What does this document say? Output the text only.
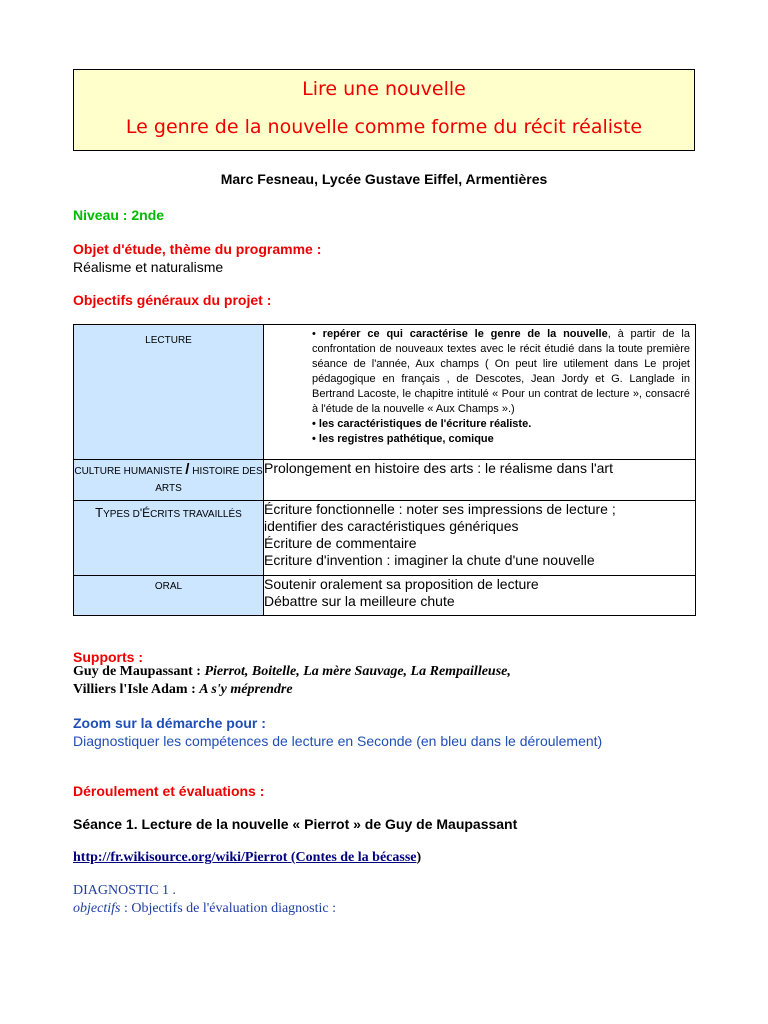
Lire une nouvelle
Le genre de la nouvelle comme forme du récit réaliste
Marc Fesneau, Lycée Gustave Eiffel, Armentières
Niveau : 2nde
Objet d'étude, thème du programme :
Réalisme et naturalisme
Objectifs généraux du projet :
LECTURE	• repérer ce qui caractérise le genre de la nouvelle, à partir de la confrontation de nouveaux textes avec le récit étudié dans la toute première séance de l'année, Aux champs ( On peut lire utilement dans Le projet pédagogique en français , de Descotes, Jean Jordy et G. Langlade in Bertrand Lacoste, le chapitre intitulé « Pour un contrat de lecture », consacré à l'étude de la nouvelle « Aux Champs ».)
• les caractéristiques de l'écriture réaliste.
• les registres pathétique, comique

CULTURE HUMANISTE / HISTOIRE DES ARTS	Prolongement en histoire des arts : le réalisme dans l'art

TYPES D'ÉCRITS TRAVAILLÉS	Écriture fonctionnelle : noter ses impressions de lecture ;
identifier des caractéristiques génériques
Écriture de commentaire
Ecriture d'invention : imaginer la chute d'une nouvelle

ORAL	Soutenir oralement sa proposition de lecture
Débattre sur la meilleure chute
Supports :
Guy de Maupassant : Pierrot, Boitelle, La mère Sauvage, La Rempailleuse,
Villiers l'Isle Adam : A s'y méprendre
Zoom sur la démarche pour :
Diagnostiquer les compétences de lecture en Seconde (en bleu dans le déroulement)
Déroulement et évaluations :
Séance 1. Lecture de la nouvelle « Pierrot » de Guy de Maupassant
http://fr.wikisource.org/wiki/Pierrot (Contes de la bécasse)
DIAGNOSTIC 1 .
objectifs : Objectifs de l'évaluation diagnostic :
